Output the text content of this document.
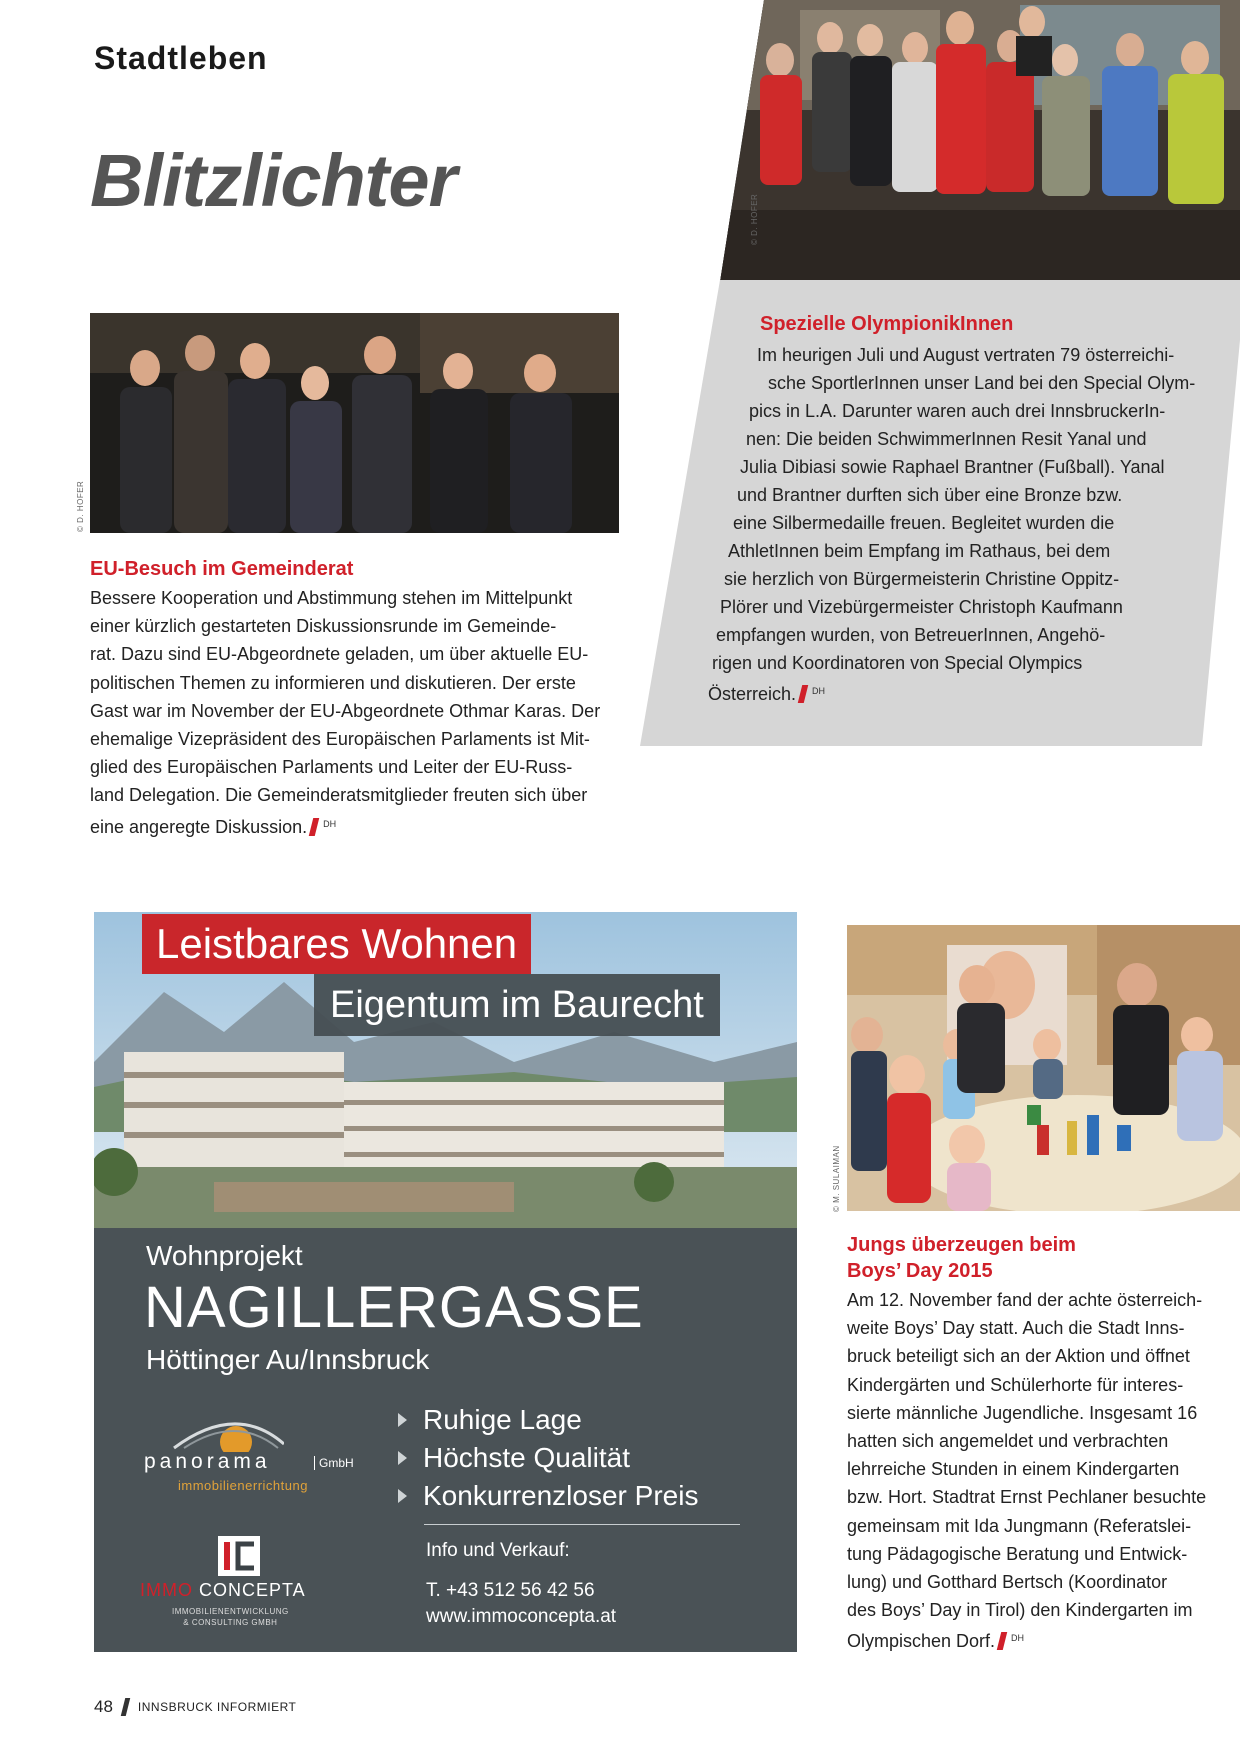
Stadtleben
Blitzlichter	© D. HOFER
© D. HOFER
EU-Besuch im Gemeinderat

Bessere Kooperation und Abstimmung stehen im Mittelpunkt
einer kürzlich gestarteten Diskussionsrunde im Gemeinde-
rat. Dazu sind EU-Abgeordnete geladen, um über aktuelle EU-
politischen Themen zu informieren und diskutieren. Der erste
Gast war im November der EU-Abgeordnete Othmar Karas. Der
ehemalige Vizepräsident des Europäischen Parlaments ist Mit-
glied des Europäischen Parlaments und Leiter der EU-Russ-
land Delegation. Die Gemeinderatsmitglieder freuten sich über
eine angeregte Diskussion. $^{DH}$

Spezielle OlympionikInnen
Im heurigen Juli und August vertraten 79 österreichi-
sche SportlerInnen unser Land bei den Special Olym-
pics in L.A. Darunter waren auch drei InnsbruckerIn-
nen: Die beiden SchwimmerInnen Resit Yanal und
Julia Dibiasi sowie Raphael Brantner (Fußball). Yanal
und Brantner durften sich über eine Bronze bzw.
eine Silbermedaille freuen. Begleitet wurden die
AthletInnen beim Empfang im Rathaus, bei dem
sie herzlich von Bürgermeisterin Christine Oppitz-
Plörer und Vizebürgermeister Christoph Kaufmann
empfangen wurden, von BetreuerInnen, Angehö-
rigen und Koordinatoren von Special Olympics
Österreich. $^{DH}$
Leistbares Wohnen
Eigentum im Baurecht
Wohnprojekt
NAGILLERGASSE
Höttinger Au/Innsbruck
Ruhige Lage
Höchste Qualität
Konkurrenzloser Preis
Info und Verkauf:
T. +43 512 56 42 56
www.immoconcepta.at
panorama	GmbH
immobilienerrichtung
IMMO CONCEPTA
IMMOBILIENENTWICKLUNG
& CONSULTING GMBH
© M. SULAIMAN
Jungs überzeugen beim
Boys’ Day 2015

Am 12. November fand der achte österreich-
weite Boys’ Day statt. Auch die Stadt Inns-
bruck beteiligt sich an der Aktion und öffnet
Kindergärten und Schülerhorte für interes-
sierte männliche Jugendliche. Insgesamt 16
hatten sich angemeldet und verbrachten
lehrreiche Stunden in einem Kindergarten
bzw. Hort. Stadtrat Ernst Pechlaner besuchte
gemeinsam mit Ida Jungmann (Referatslei-
tung Pädagogische Beratung und Entwick-
lung) und Gotthard Bertsch (Koordinator
des Boys’ Day in Tirol) den Kindergarten im
Olympischen Dorf. $^{DH}$

48 INNSBRUCK INFORMIERT
